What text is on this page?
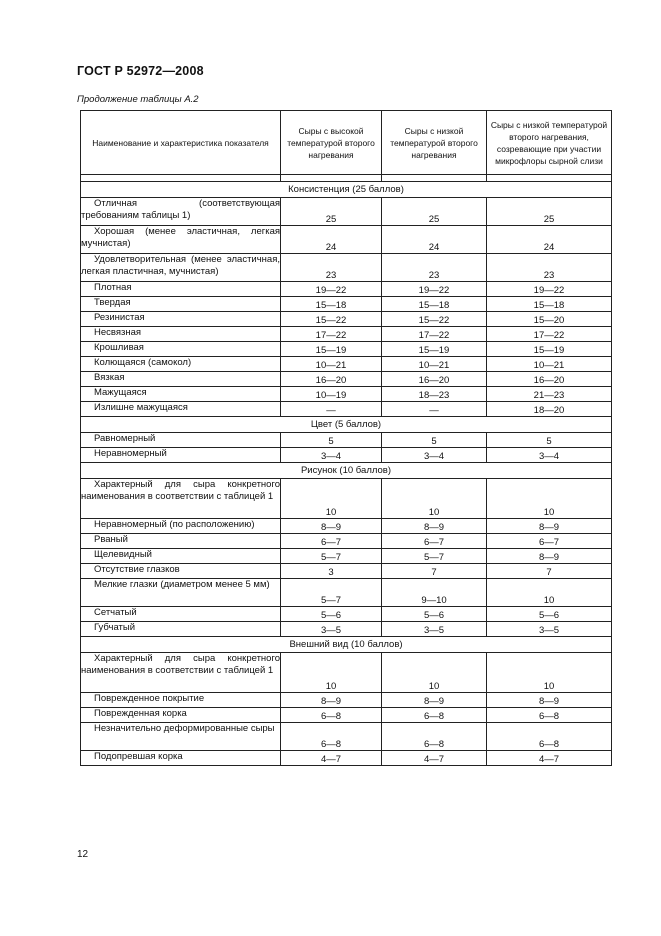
ГОСТ Р 52972—2008
Продолжение таблицы А.2
Наименование и характеристика показателя	Сыры с высокой температурой второго нагревания	Сыры с низкой температурой второго нагревания	Сыры с низкой температурой второго нагревания, созревающие при участии микрофлоры сырной слизи

Консистенция (25 баллов)			
Отличная (соответствующая требованиям таблицы 1)	25	25	25
Хорошая (менее эластичная, легкая мучнистая)	24	24	24
Удовлетворительная (менее эластичная, легкая пластичная, мучнистая)	23	23	23
Плотная	19—22	19—22	19—22
Твердая	15—18	15—18	15—18
Резинистая	15—22	15—22	15—20
Несвязная	17—22	17—22	17—22
Крошливая	15—19	15—19	15—19
Колющаяся (самокол)	10—21	10—21	10—21
Вязкая	16—20	16—20	16—20
Мажущаяся	10—19	18—23	21—23
Излишне мажущаяся	—	—	18—20
Цвет (5 баллов)			
Равномерный	5	5	5
Неравномерный	3—4	3—4	3—4
Рисунок (10 баллов)			
Характерный для сыра конкретного наименования в соответствии с таблицей 1	10	10	10
Неравномерный (по расположению)	8—9	8—9	8—9
Рваный	6—7	6—7	6—7
Щелевидный	5—7	5—7	8—9
Отсутствие глазков	3	7	7
Мелкие глазки (диаметром менее 5 мм)	5—7	9—10	10
Сетчатый	5—6	5—6	5—6
Губчатый	3—5	3—5	3—5
Внешний вид (10 баллов)			
Характерный для сыра конкретного наименования в соответствии с таблицей 1	10	10	10
Поврежденное покрытие	8—9	8—9	8—9
Поврежденная корка	6—8	6—8	6—8
Незначительно деформированные сыры	6—8	6—8	6—8
Подопревшая корка	4—7	4—7	4—7
12
